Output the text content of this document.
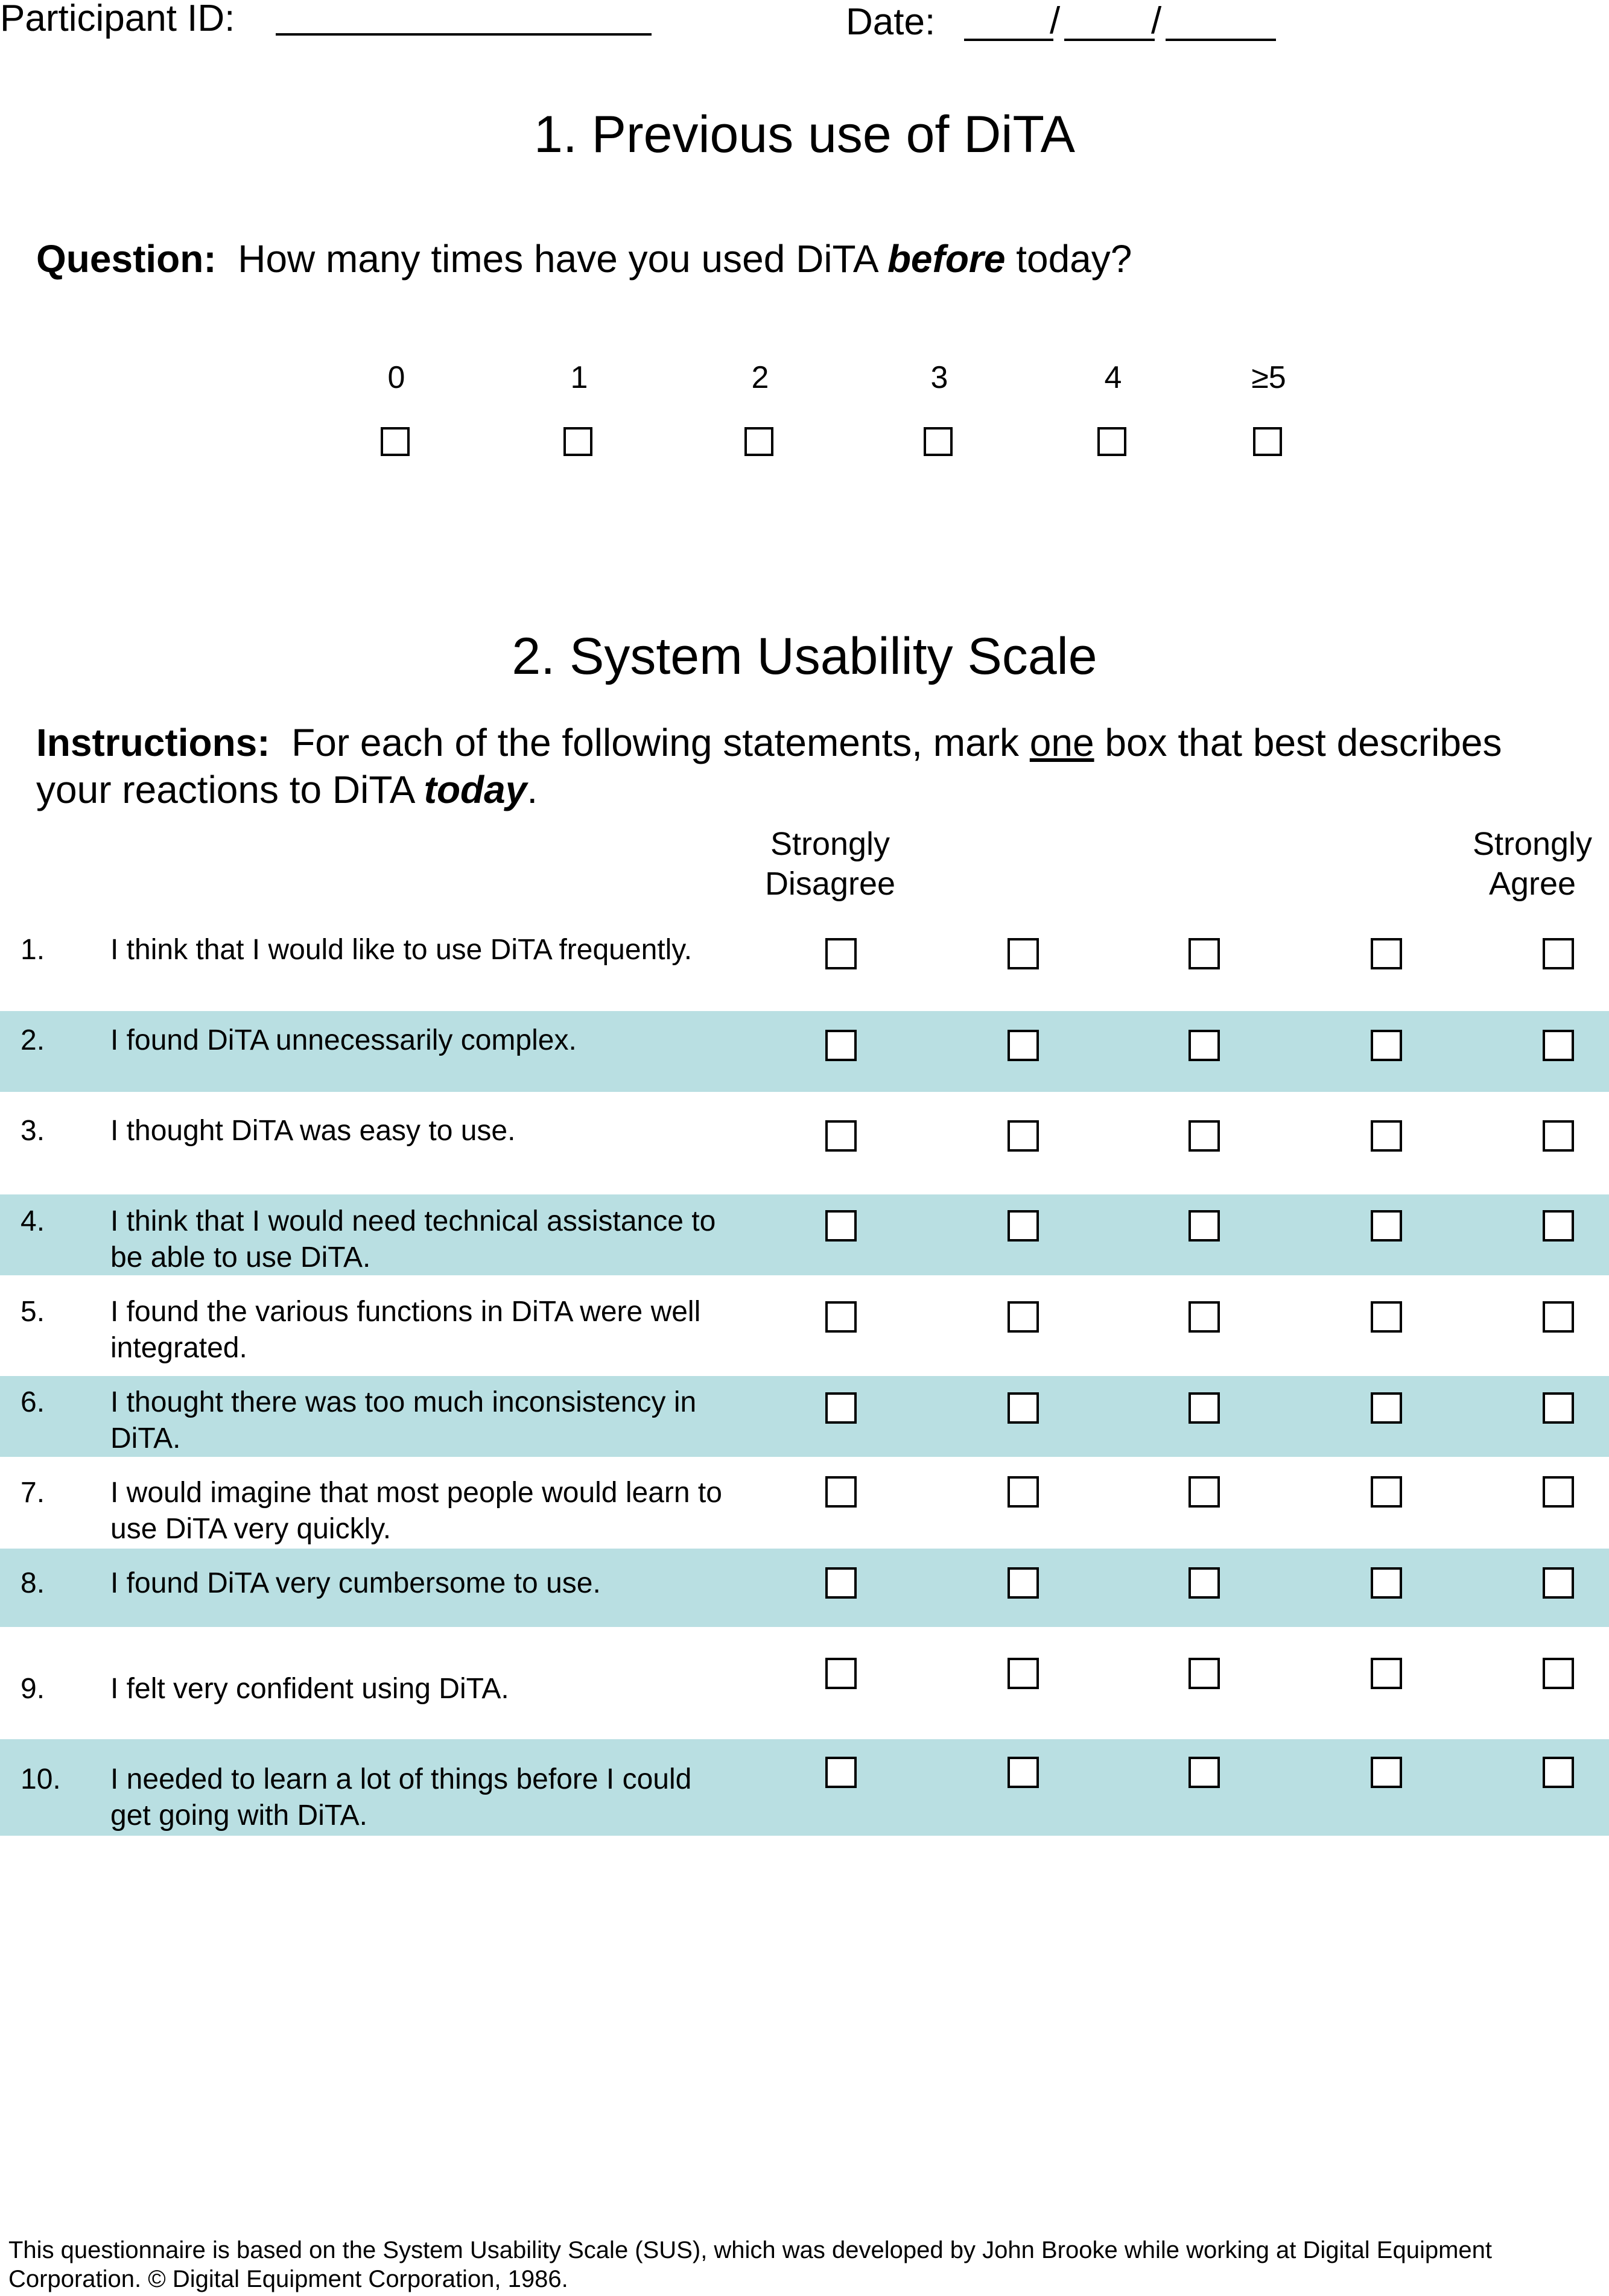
Participant ID:	Date:	/ /
1. Previous use of DiTA
Question: How many times have you used DiTA before today?
0	1	2	3	4	≥5
2. System Usability Scale
Instructions: For each of the following statements, mark one box that best describes
your reactions to DiTA today.
Strongly
Disagree
Strongly
Agree
1. I think that I would like to use DiTA frequently.
2. I found DiTA unnecessarily complex.
3. I thought DiTA was easy to use.
4. I think that I would need technical assistance to be able to use DiTA.
5. I found the various functions in DiTA were well integrated.
6. I thought there was too much inconsistency in DiTA.
7. I would imagine that most people would learn to use DiTA very quickly.
8. I found DiTA very cumbersome to use.
9. I felt very confident using DiTA.
10. I needed to learn a lot of things before I could get going with DiTA.
This questionnaire is based on the System Usability Scale (SUS), which was developed by John Brooke while working at Digital Equipment Corporation. © Digital Equipment Corporation, 1986.
